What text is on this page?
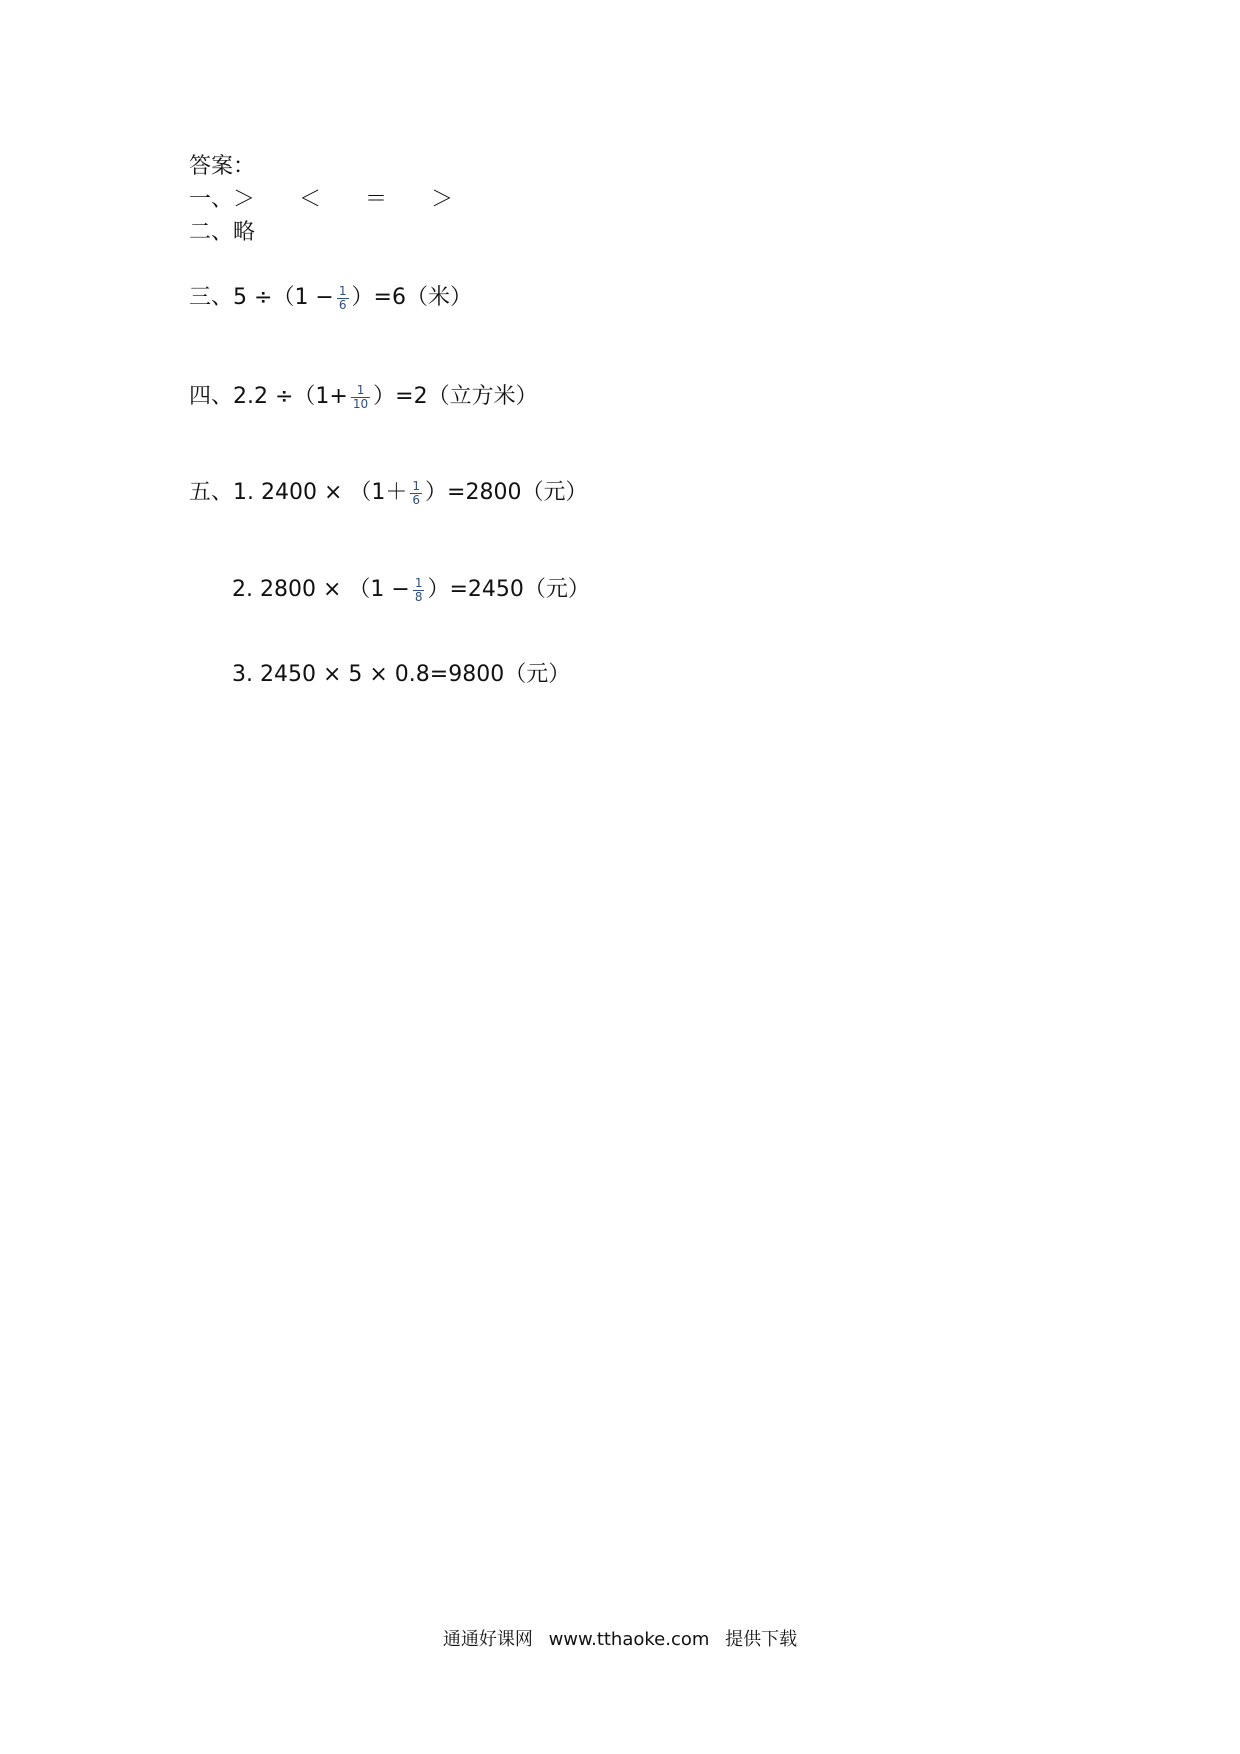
答案：
一、 ＞ ＜ ＝ ＞
二、 略
三、 $5 \div(1 - \frac{1}{6} )=6$（米）
四、 $2.2 \div(1+ \frac{1}{10} )=2$（立方米）
五、 1. $2400 \times (1+ \frac{1}{6} )=2800$（元）
2. $2800 \times (1 - \frac{1}{8} )=2450$（元）
3. 2450 × 5 × 0.8=9800（元）
通通好课网 www.tthaoke.com 提供下载
